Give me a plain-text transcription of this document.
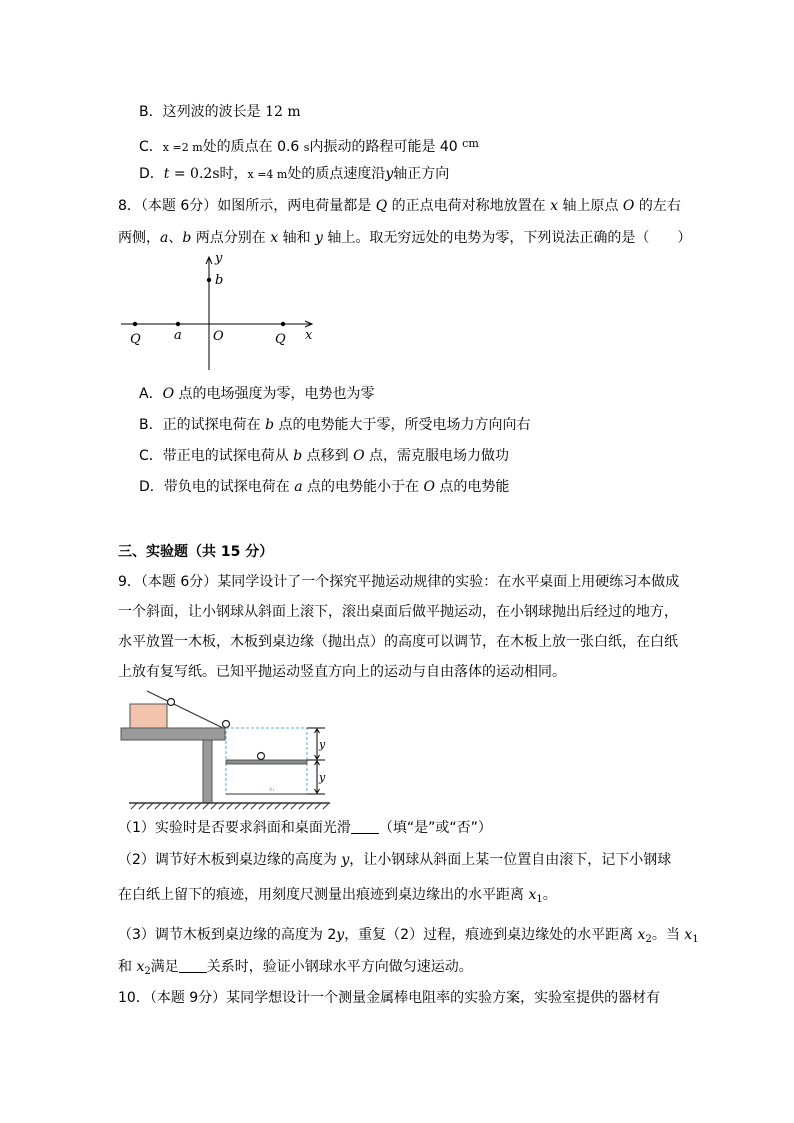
B．这列波的波长是 12 m
C．x =2 m处的质点在 0.6 s内振动的路程可能是 40 $^{cm}$
D．t = 0.2s时，x =4 m处的质点速度沿y轴正方向
8．（本题 6分）如图所示，两电荷量都是 Q 的正点电荷对称地放置在 x 轴上原点 O 的左右
两侧，a、b 两点分别在 x 轴和 y 轴上。取无穷远处的电势为零，下列说法正确的是（　　）
y
b
Q	a O	Q x
A．O 点的电场强度为零，电势也为零
B．正的试探电荷在 b 点的电势能大于零，所受电场力方向向右
C．带正电的试探电荷从 b 点移到 O 点，需克服电场力做功
D．带负电的试探电荷在 a 点的电势能小于在 O 点的电势能
三、实验题（共 15 分）
9．（本题 6分）某同学设计了一个探究平抛运动规律的实验：在水平桌面上用硬练习本做成
一个斜面，让小钢球从斜面上滚下，滚出桌面后做平抛运动，在小钢球抛出后经过的地方，
水平放置一木板，木板到桌边缘（抛出点）的高度可以调节，在木板上放一张白纸，在白纸
上放有复写纸。已知平抛运动竖直方向上的运动与自由落体的运动相同。
y
y
x₁
（1）实验时是否要求斜面和桌面光滑 （填“是”或“否”）
（2）调节好木板到桌边缘的高度为 y，让小钢球从斜面上某一位置自由滚下，记下小钢球
在白纸上留下的痕迹，用刻度尺测量出痕迹到桌边缘出的水平距离 $x_1$。
（3）调节木板到桌边缘的高度为 2y，重复（2）过程，痕迹到桌边缘处的水平距离 $x_2$。当 $x_1$
和 $x_2$满足 关系时，验证小钢球水平方向做匀速运动。
10．（本题 9分）某同学想设计一个测量金属棒电阻率的实验方案，实验室提供的器材有
